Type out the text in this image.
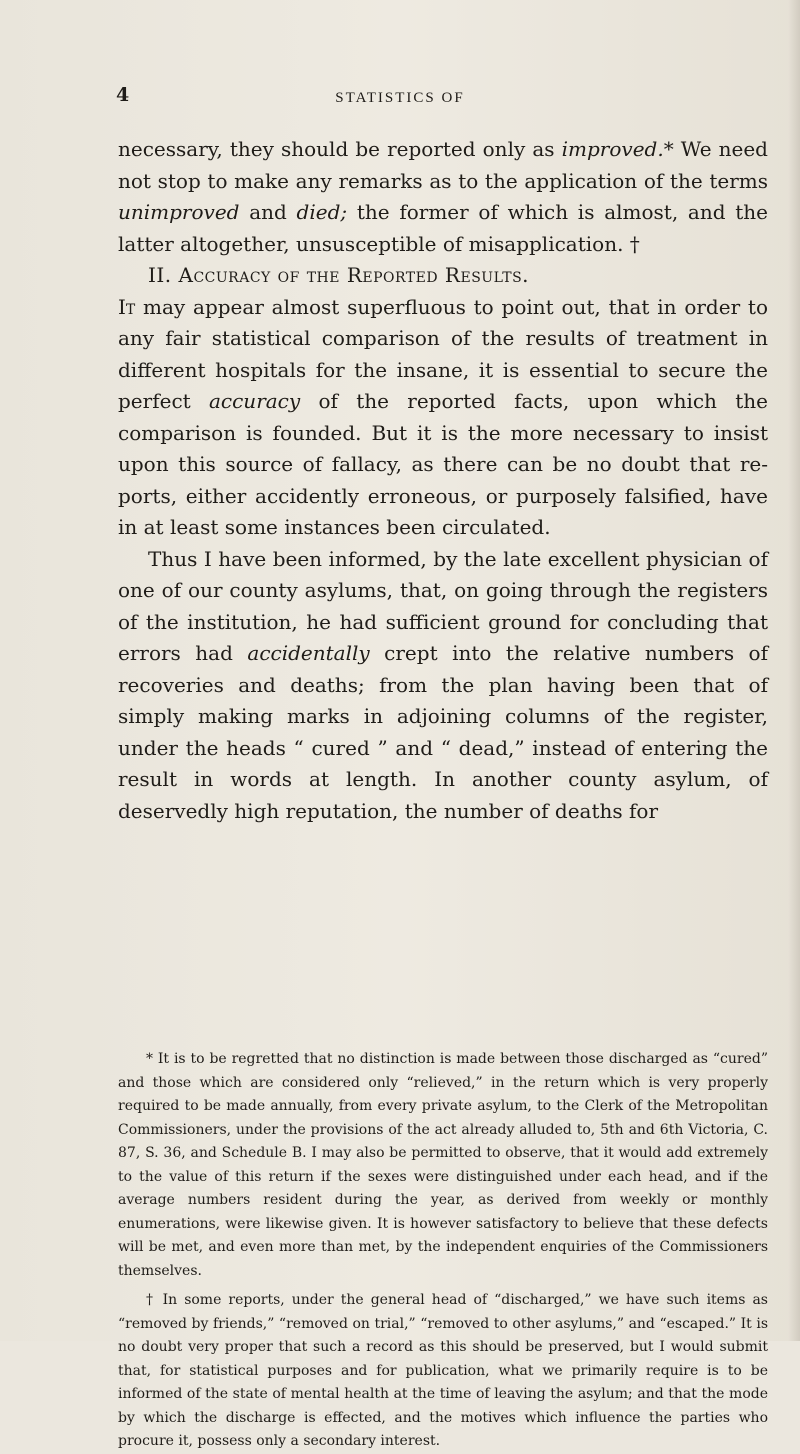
4	STATISTICS OF

necessary, they should be reported only as improved.* We need not stop to make any remarks as to the application of the terms unimproved and died; the former of which is almost, and the latter altogether, unsusceptible of misapplication. †

II. Accuracy of the Reported Results.

It may appear almost superfluous to point out, that in order to any fair statistical comparison of the results of treatment in different hospitals for the insane, it is essential to secure the perfect accuracy of the reported facts, upon which the comparison is founded. But it is the more necessary to insist upon this source of fallacy, as there can be no doubt that reports, either accidently erroneous, or purposely falsified, have in at least some instances been circulated.

Thus I have been informed, by the late excellent physician of one of our county asylums, that, on going through the registers of the institution, he had sufficient ground for concluding that errors had accidentally crept into the relative numbers of recoveries and deaths; from the plan having been that of simply making marks in adjoining columns of the register, under the heads “ cured ” and “ dead,” instead of entering the result in words at length. In another county asylum, of deservedly high reputation, the number of deaths for

* It is to be regretted that no distinction is made between those discharged as “cured” and those which are considered only “relieved,” in the return which is very properly required to be made annually, from every private asylum, to the Clerk of the Metropolitan Commissioners, under the provisions of the act already alluded to, 5th and 6th Victoria, C. 87, S. 36, and Schedule B. I may also be permitted to observe, that it would add extremely to the value of this return if the sexes were distinguished under each head, and if the average numbers resident during the year, as derived from weekly or monthly enumerations, were likewise given. It is however satisfactory to believe that these defects will be met, and even more than met, by the independent enquiries of the Commissioners themselves.

† In some reports, under the general head of “discharged,” we have such items as “removed by friends,” “removed on trial,” “removed to other asylums,” and “escaped.” It is no doubt very proper that such a record as this should be preserved, but I would submit that, for statistical purposes and for publication, what we primarily require is to be informed of the state of mental health at the time of leaving the asylum; and that the mode by which the discharge is effected, and the motives which influence the parties who procure it, possess only a secondary interest.
